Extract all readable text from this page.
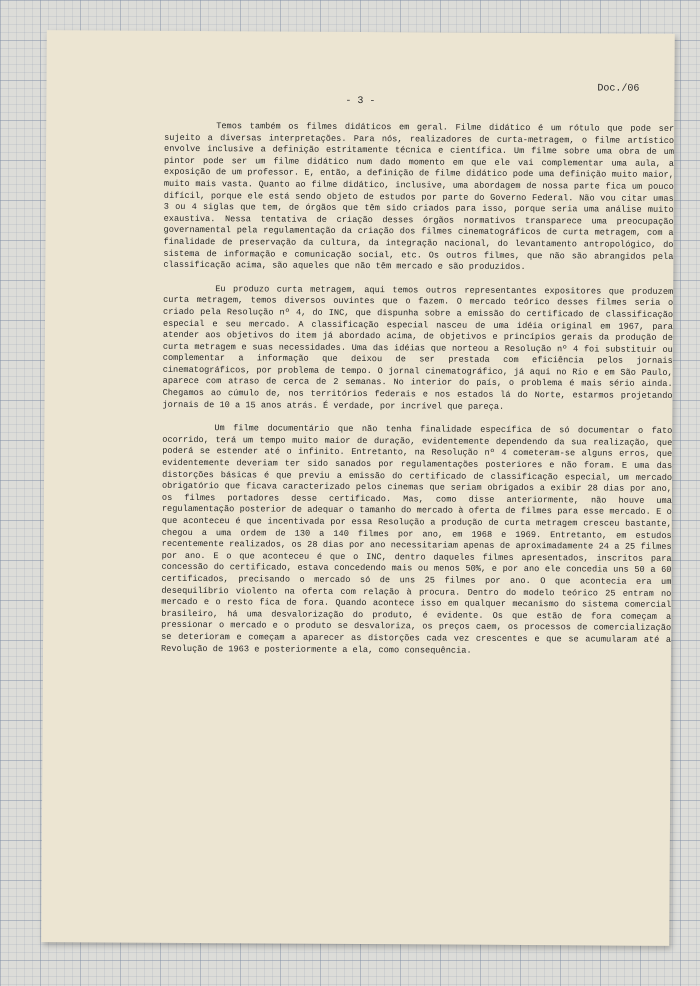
- 3 -

Doc./06

Temos também os filmes didáticos em geral. Filme didático é um rótulo que pode ser sujeito a diversas interpretações. Para nós, realizadores de curta-metragem, o filme artístico envolve inclusive a definição estritamente técnica e científica. Um filme sobre uma obra de um pintor pode ser um filme didático num dado momento em que ele vai complementar uma aula, a exposição de um professor. E, então, a definição de filme didático pode uma definição muito maior, muito mais vasta. Quanto ao filme didático, inclusive, uma abordagem de nossa parte fica um pouco difícil, porque ele está sendo objeto de estudos por parte do Governo Federal. Não vou citar umas 3 ou 4 siglas que tem, de órgãos que têm sido criados para isso, porque seria uma análise muito exaustiva. Nessa tentativa de criação desses órgãos normativos transparece uma preocupação governamental pela regulamentação da criação dos filmes cinematográficos de curta metragem, com a finalidade de preservação da cultura, da integração nacional, do levantamento antropológico, do sistema de informação e comunicação social, etc. Os outros filmes, que não são abrangidos pela classificação acima, são aqueles que não têm mercado e são produzidos.

Eu produzo curta metragem, aqui temos outros representantes expositores que produzem curta metragem, temos diversos ouvintes que o fazem. O mercado teórico desses filmes seria o criado pela Resolução nº 4, do INC, que dispunha sobre a emissão do certificado de classificação especial e seu mercado. A classificação especial nasceu de uma idéia original em 1967, para atender aos objetivos do item já abordado acima, de objetivos e princípios gerais da produção de curta metragem e suas necessidades. Uma das idéias que norteou a Resolução nº 4 foi substituir ou complementar a informação que deixou de ser prestada com eficiência pelos jornais cinematográficos, por problema de tempo. O jornal cinematográfico, já aqui no Rio e em São Paulo, aparece com atraso de cerca de 2 semanas. No interior do país, o problema é mais sério ainda. Chegamos ao cúmulo de, nos territórios federais e nos estados lá do Norte, estarmos projetando jornais de 10 a 15 anos atrás. É verdade, por incrível que pareça.

Um filme documentário que não tenha finalidade específica de só documentar o fato ocorrido, terá um tempo muito maior de duração, evidentemente dependendo da sua realização, que poderá se estender até o infinito. Entretanto, na Resolução nº 4 cometeram-se alguns erros, que evidentemente deveriam ter sido sanados por regulamentações posteriores e não foram. E uma das distorções básicas é que previu a emissão do certificado de classificação especial, um mercado obrigatório que ficava caracterizado pelos cinemas que seriam obrigados a exibir 28 dias por ano, os filmes portadores desse certificado. Mas, como disse anteriormente, não houve uma regulamentação posterior de adequar o tamanho do mercado à oferta de filmes para esse mercado. E o que aconteceu é que incentivada por essa Resolução a produção de curta metragem cresceu bastante, chegou a uma ordem de 130 a 140 filmes por ano, em 1968 e 1969. Entretanto, em estudos recentemente realizados, os 28 dias por ano necessitariam apenas de aproximadamente 24 a 25 filmes por ano. E o que aconteceu é que o INC, dentro daqueles filmes apresentados, inscritos para concessão do certificado, estava concedendo mais ou menos 50%, e por ano ele concedia uns 50 a 60 certificados, precisando o mercado só de uns 25 filmes por ano. O que acontecia era um desequilíbrio violento na oferta com relação à procura. Dentro do modelo teórico 25 entram no mercado e o resto fica de fora. Quando acontece isso em qualquer mecanismo do sistema comercial brasileiro, há uma desvalorização do produto, é evidente. Os que estão de fora começam a pressionar o mercado e o produto se desvaloriza, os preços caem, os processos de comercialização se deterioram e começam a aparecer as distorções cada vez crescentes e que se acumularam até a Revolução de 1963 e posteriormente a ela, como consequência.
